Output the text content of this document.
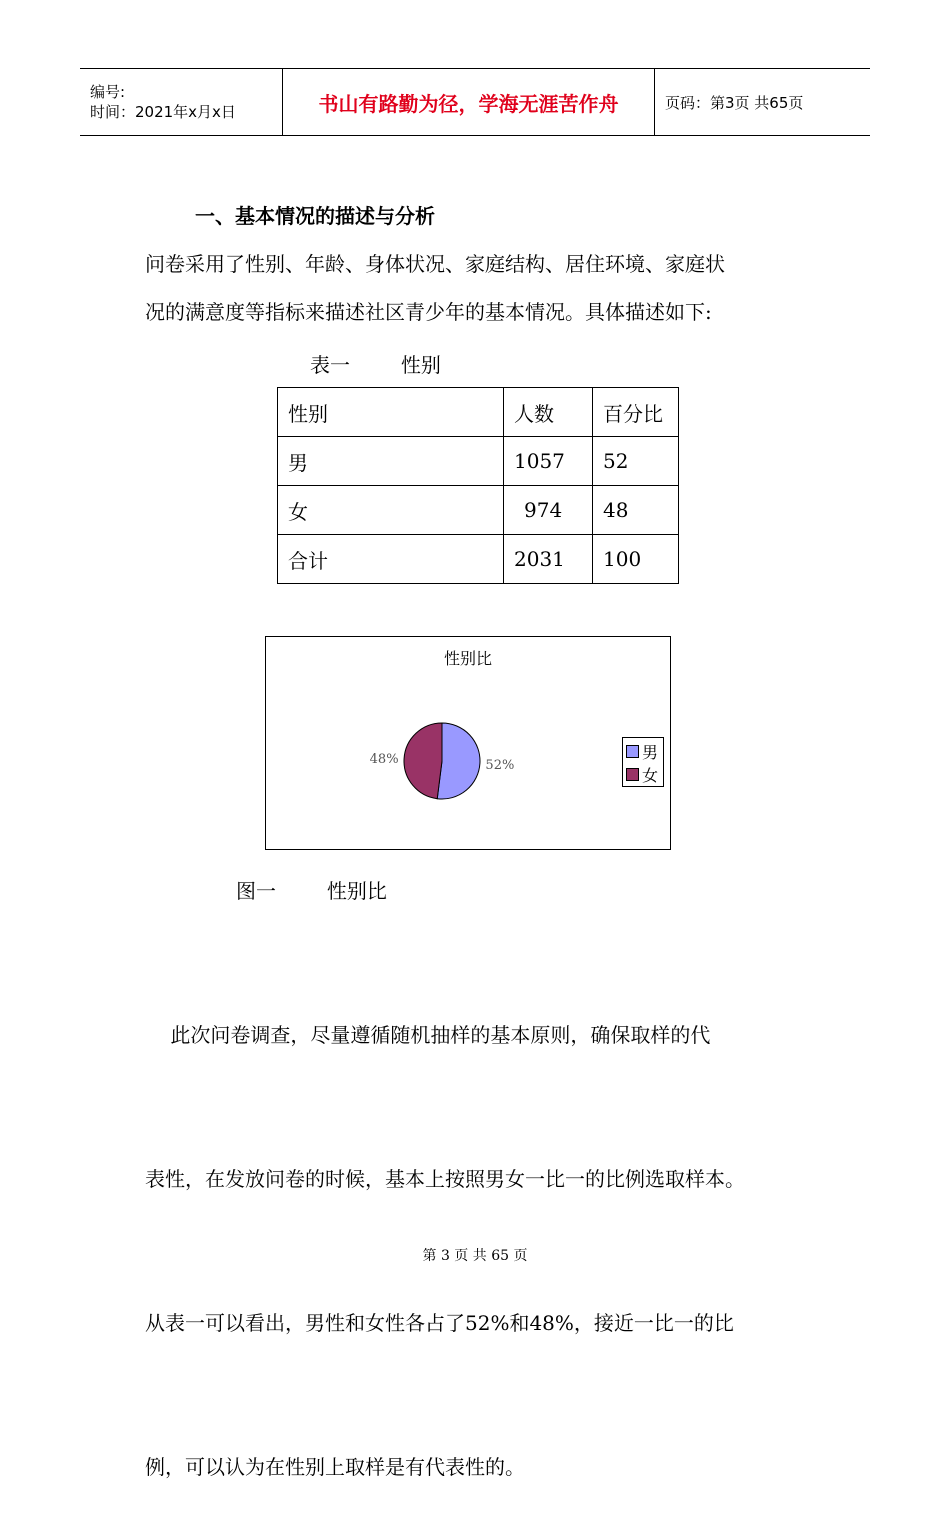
编号:
时间：2021年x月x日	书山有路勤为径，学海无涯苦作舟	页码：第3页 共65页
一、基本情况的描述与分析
问卷采用了性别、年龄、身体状况、家庭结构、居住环境、家庭状
况的满意度等指标来描述社区青少年的基本情况。具体描述如下:
表一        性别
性别	人数	百分比
男	1057	52
女	974	48
合计	2031	100
性别比
52%
48%	男
女
图一        性别比

此次问卷调查，尽量遵循随机抽样的基本原则，确保取样的代

表性，在发放问卷的时候，基本上按照男女一比一的比例选取样本。

从表一可以看出，男性和女性各占了52%和48%，接近一比一的比

例，可以认为在性别上取样是有代表性的。

第 3 页 共 65 页
